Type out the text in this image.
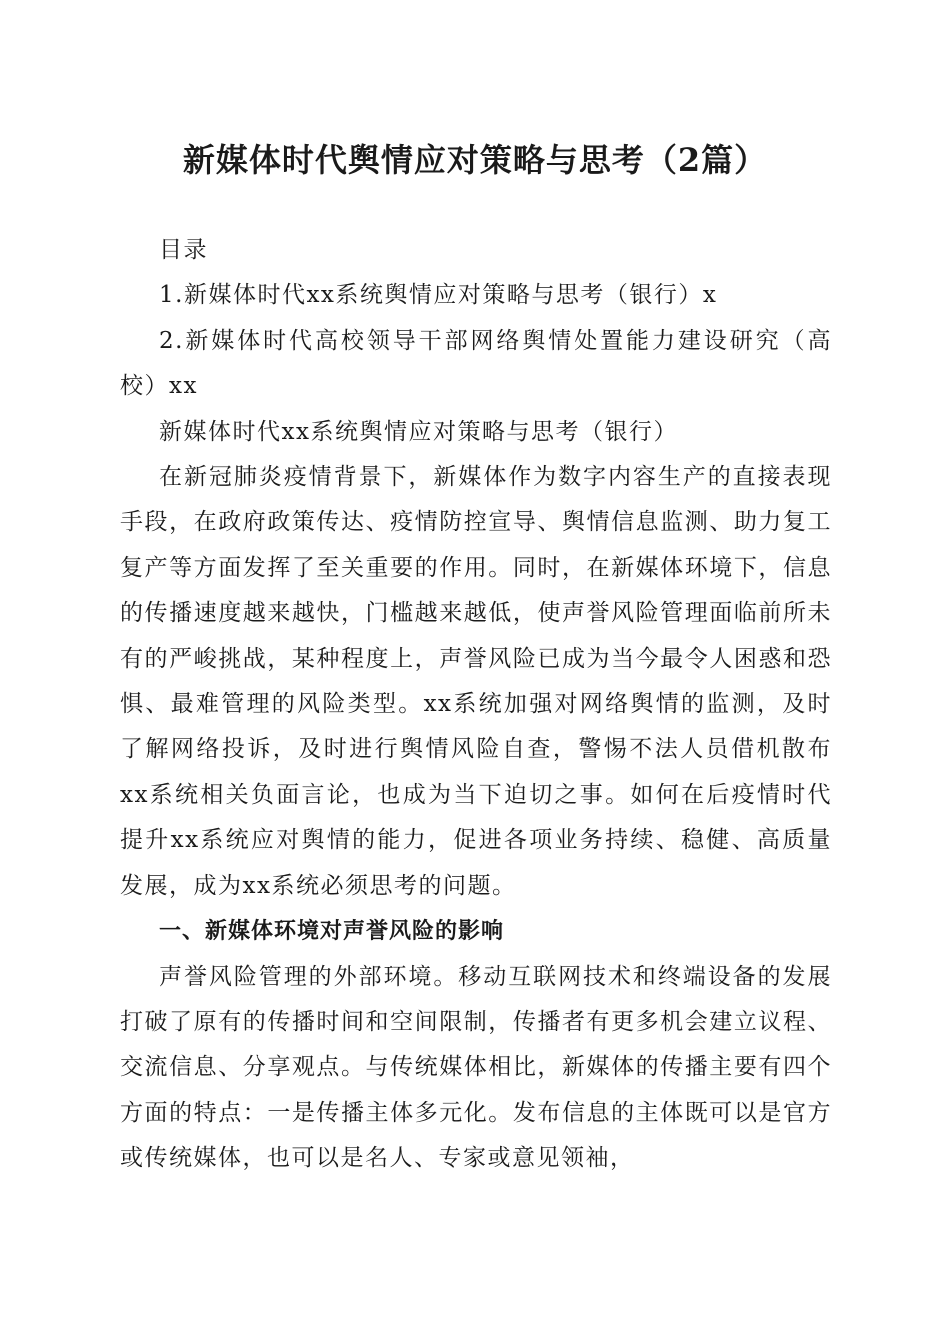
新媒体时代舆情应对策略与思考（2篇）

目录

1.新媒体时代xx系统舆情应对策略与思考（银行）x

2.新媒体时代高校领导干部网络舆情处置能力建设研究（高校）xx

新媒体时代xx系统舆情应对策略与思考（银行）

在新冠肺炎疫情背景下，新媒体作为数字内容生产的直接表现手段，在政府政策传达、疫情防控宣导、舆情信息监测、助力复工复产等方面发挥了至关重要的作用。同时，在新媒体环境下，信息的传播速度越来越快，门槛越来越低，使声誉风险管理面临前所未有的严峻挑战，某种程度上，声誉风险已成为当今最令人困惑和恐惧、最难管理的风险类型。xx系统加强对网络舆情的监测，及时了解网络投诉，及时进行舆情风险自查，警惕不法人员借机散布xx系统相关负面言论，也成为当下迫切之事。如何在后疫情时代提升xx系统应对舆情的能力，促进各项业务持续、稳健、高质量发展，成为xx系统必须思考的问题。

一、新媒体环境对声誉风险的影响

声誉风险管理的外部环境。移动互联网技术和终端设备的发展打破了原有的传播时间和空间限制，传播者有更多机会建立议程、交流信息、分享观点。与传统媒体相比，新媒体的传播主要有四个方面的特点：一是传播主体多元化。发布信息的主体既可以是官方或传统媒体，也可以是名人、专家或意见领袖，
